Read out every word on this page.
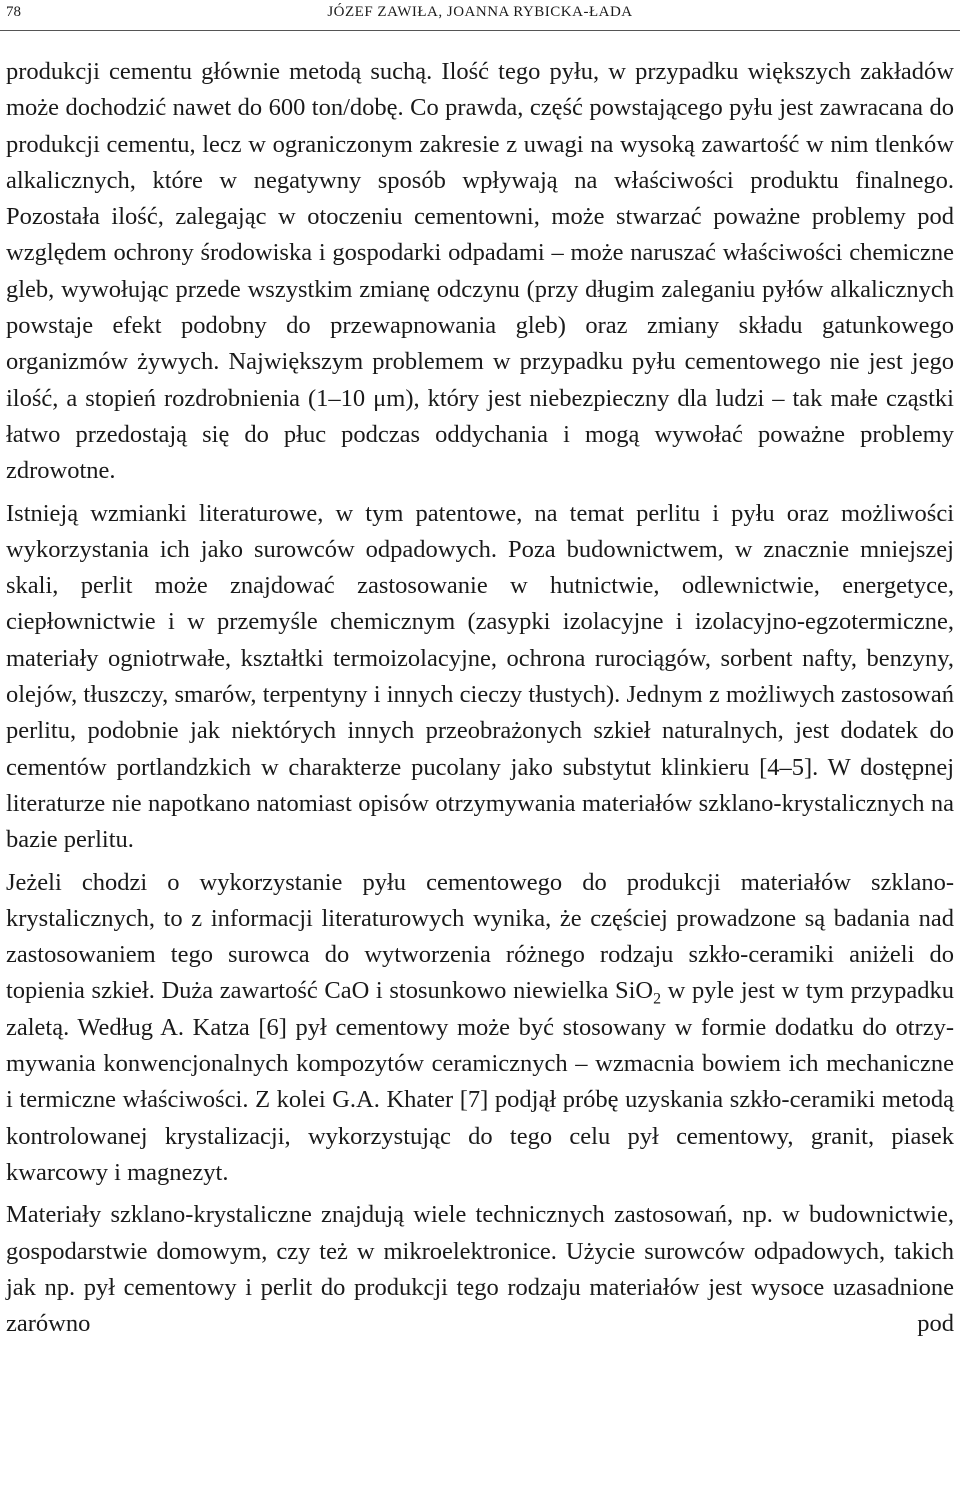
78	JÓZEF ZAWIŁA, JOANNA RYBICKA-ŁADA

produkcji cementu głównie metodą suchą. Ilość tego pyłu, w przypadku większych zakładów może dochodzić nawet do 600 ton/dobę. Co prawda, część powstającego pyłu jest zawracana do produkcji cementu, lecz w ograniczonym zakresie z uwagi na wysoką zawartość w nim tlenków alkalicznych, które w negatywny sposób wpływają na właściwości produktu finalnego. Pozostała ilość, zalegając w otoczeniu cementowni, może stwarzać poważne problemy pod względem ochrony środowiska i gospodarki odpadami – może naruszać właściwości chemiczne gleb, wywołując przede wszystkim zmianę odczynu (przy długim zaleganiu pyłów alkalicznych powstaje efekt podobny do przewapnowania gleb) oraz zmiany składu gatunkowego organizmów żywych. Największym problemem w przypadku pyłu cementowego nie jest jego ilość, a stopień rozdrobnienia (1–10 μm), który jest niebezpieczny dla ludzi – tak małe cząstki łatwo przedostają się do płuc podczas oddychania i mogą wywołać poważne problemy zdrowotne.

Istnieją wzmianki literaturowe, w tym patentowe, na temat perlitu i pyłu oraz możliwości wykorzystania ich jako surowców odpadowych. Poza budownictwem, w znacznie mniejszej skali, perlit może znajdować zastosowanie w hutnictwie, odlewnictwie, energetyce, ciepłownictwie i w przemyśle chemicznym (zasypki izolacyjne i izolacyjno-egzotermiczne, materiały ogniotrwałe, kształtki termoizolacyjne, ochrona rurociągów, sorbent nafty, benzyny, olejów, tłuszczy, smarów, terpentyny i innych cieczy tłustych). Jednym z możliwych zastosowań perlitu, podobnie jak niektórych innych przeobrażonych szkieł naturalnych, jest dodatek do cementów portlandzkich w charakterze pucolany jako substytut klinkieru [4–5]. W dostępnej literaturze nie napotkano natomiast opisów otrzymywania materiałów szklano-krystalicznych na bazie perlitu.

Jeżeli chodzi o wykorzystanie pyłu cementowego do produkcji materiałów szklano-krystalicznych, to z informacji literaturowych wynika, że częściej prowadzone są badania nad zastosowaniem tego surowca do wytworzenia różnego rodzaju szkło-ceramiki aniżeli do topienia szkieł. Duża zawartość CaO i stosunkowo niewielka SiO$_2$ w pyle jest w tym przypadku zaletą. Według A. Katza [6] pył cementowy może być stosowany w formie dodatku do otrzymywania konwencjonalnych kompozytów ceramicznych – wzmacnia bowiem ich mechaniczne i termiczne właściwości. Z kolei G.A. Khater [7] podjął próbę uzyskania szkło-ceramiki metodą kontrolowanej krystalizacji, wykorzystując do tego celu pył cementowy, granit, piasek kwarcowy i magnezyt.

Materiały szklano-krystaliczne znajdują wiele technicznych zastosowań, np. w budownictwie, gospodarstwie domowym, czy też w mikroelektronice. Użycie surowców odpadowych, takich jak np. pył cementowy i perlit do produkcji tego rodzaju materiałów jest wysoce uzasadnione zarówno pod
